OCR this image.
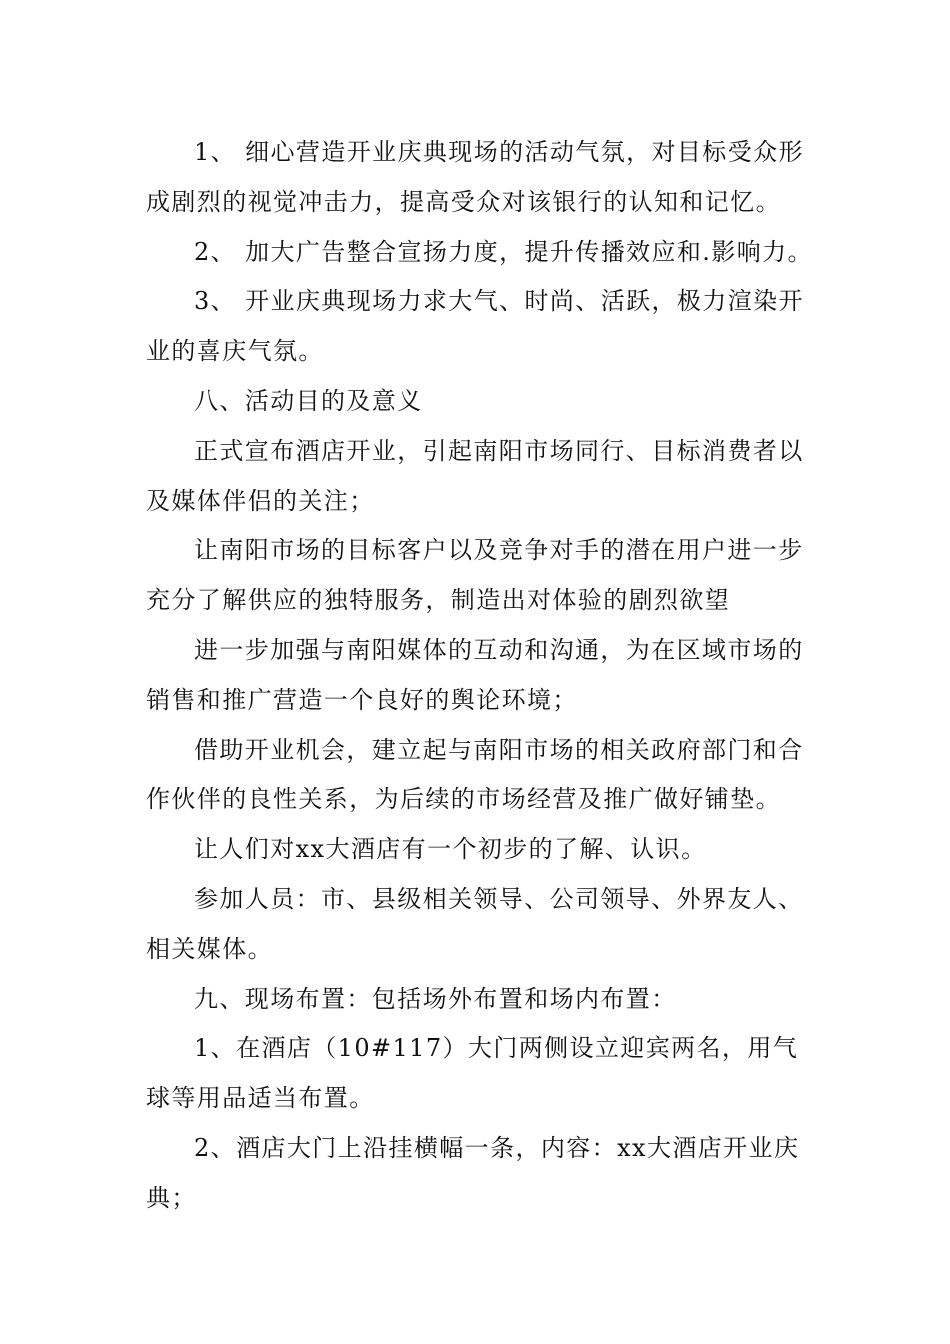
1、 细心营造开业庆典现场的活动气氛，对目标受众形成剧烈的视觉冲击力，提高受众对该银行的认知和记忆。

2、 加大广告整合宣扬力度，提升传播效应和.影响力。

3、 开业庆典现场力求大气、时尚、活跃，极力渲染开业的喜庆气氛。

八、活动目的及意义

正式宣布酒店开业，引起南阳市场同行、目标消费者以及媒体伴侣的关注；

让南阳市场的目标客户以及竞争对手的潜在用户进一步充分了解供应的独特服务，制造出对体验的剧烈欲望

进一步加强与南阳媒体的互动和沟通，为在区域市场的销售和推广营造一个良好的舆论环境；

借助开业机会，建立起与南阳市场的相关政府部门和合作伙伴的良性关系，为后续的市场经营及推广做好铺垫。

让人们对xx大酒店有一个初步的了解、认识。

参加人员：市、县级相关领导、公司领导、外界友人、相关媒体。

九、现场布置：包括场外布置和场内布置：

1、在酒店（10#117）大门两侧设立迎宾两名，用气球等用品适当布置。

2、酒店大门上沿挂横幅一条，内容：xx大酒店开业庆典；
